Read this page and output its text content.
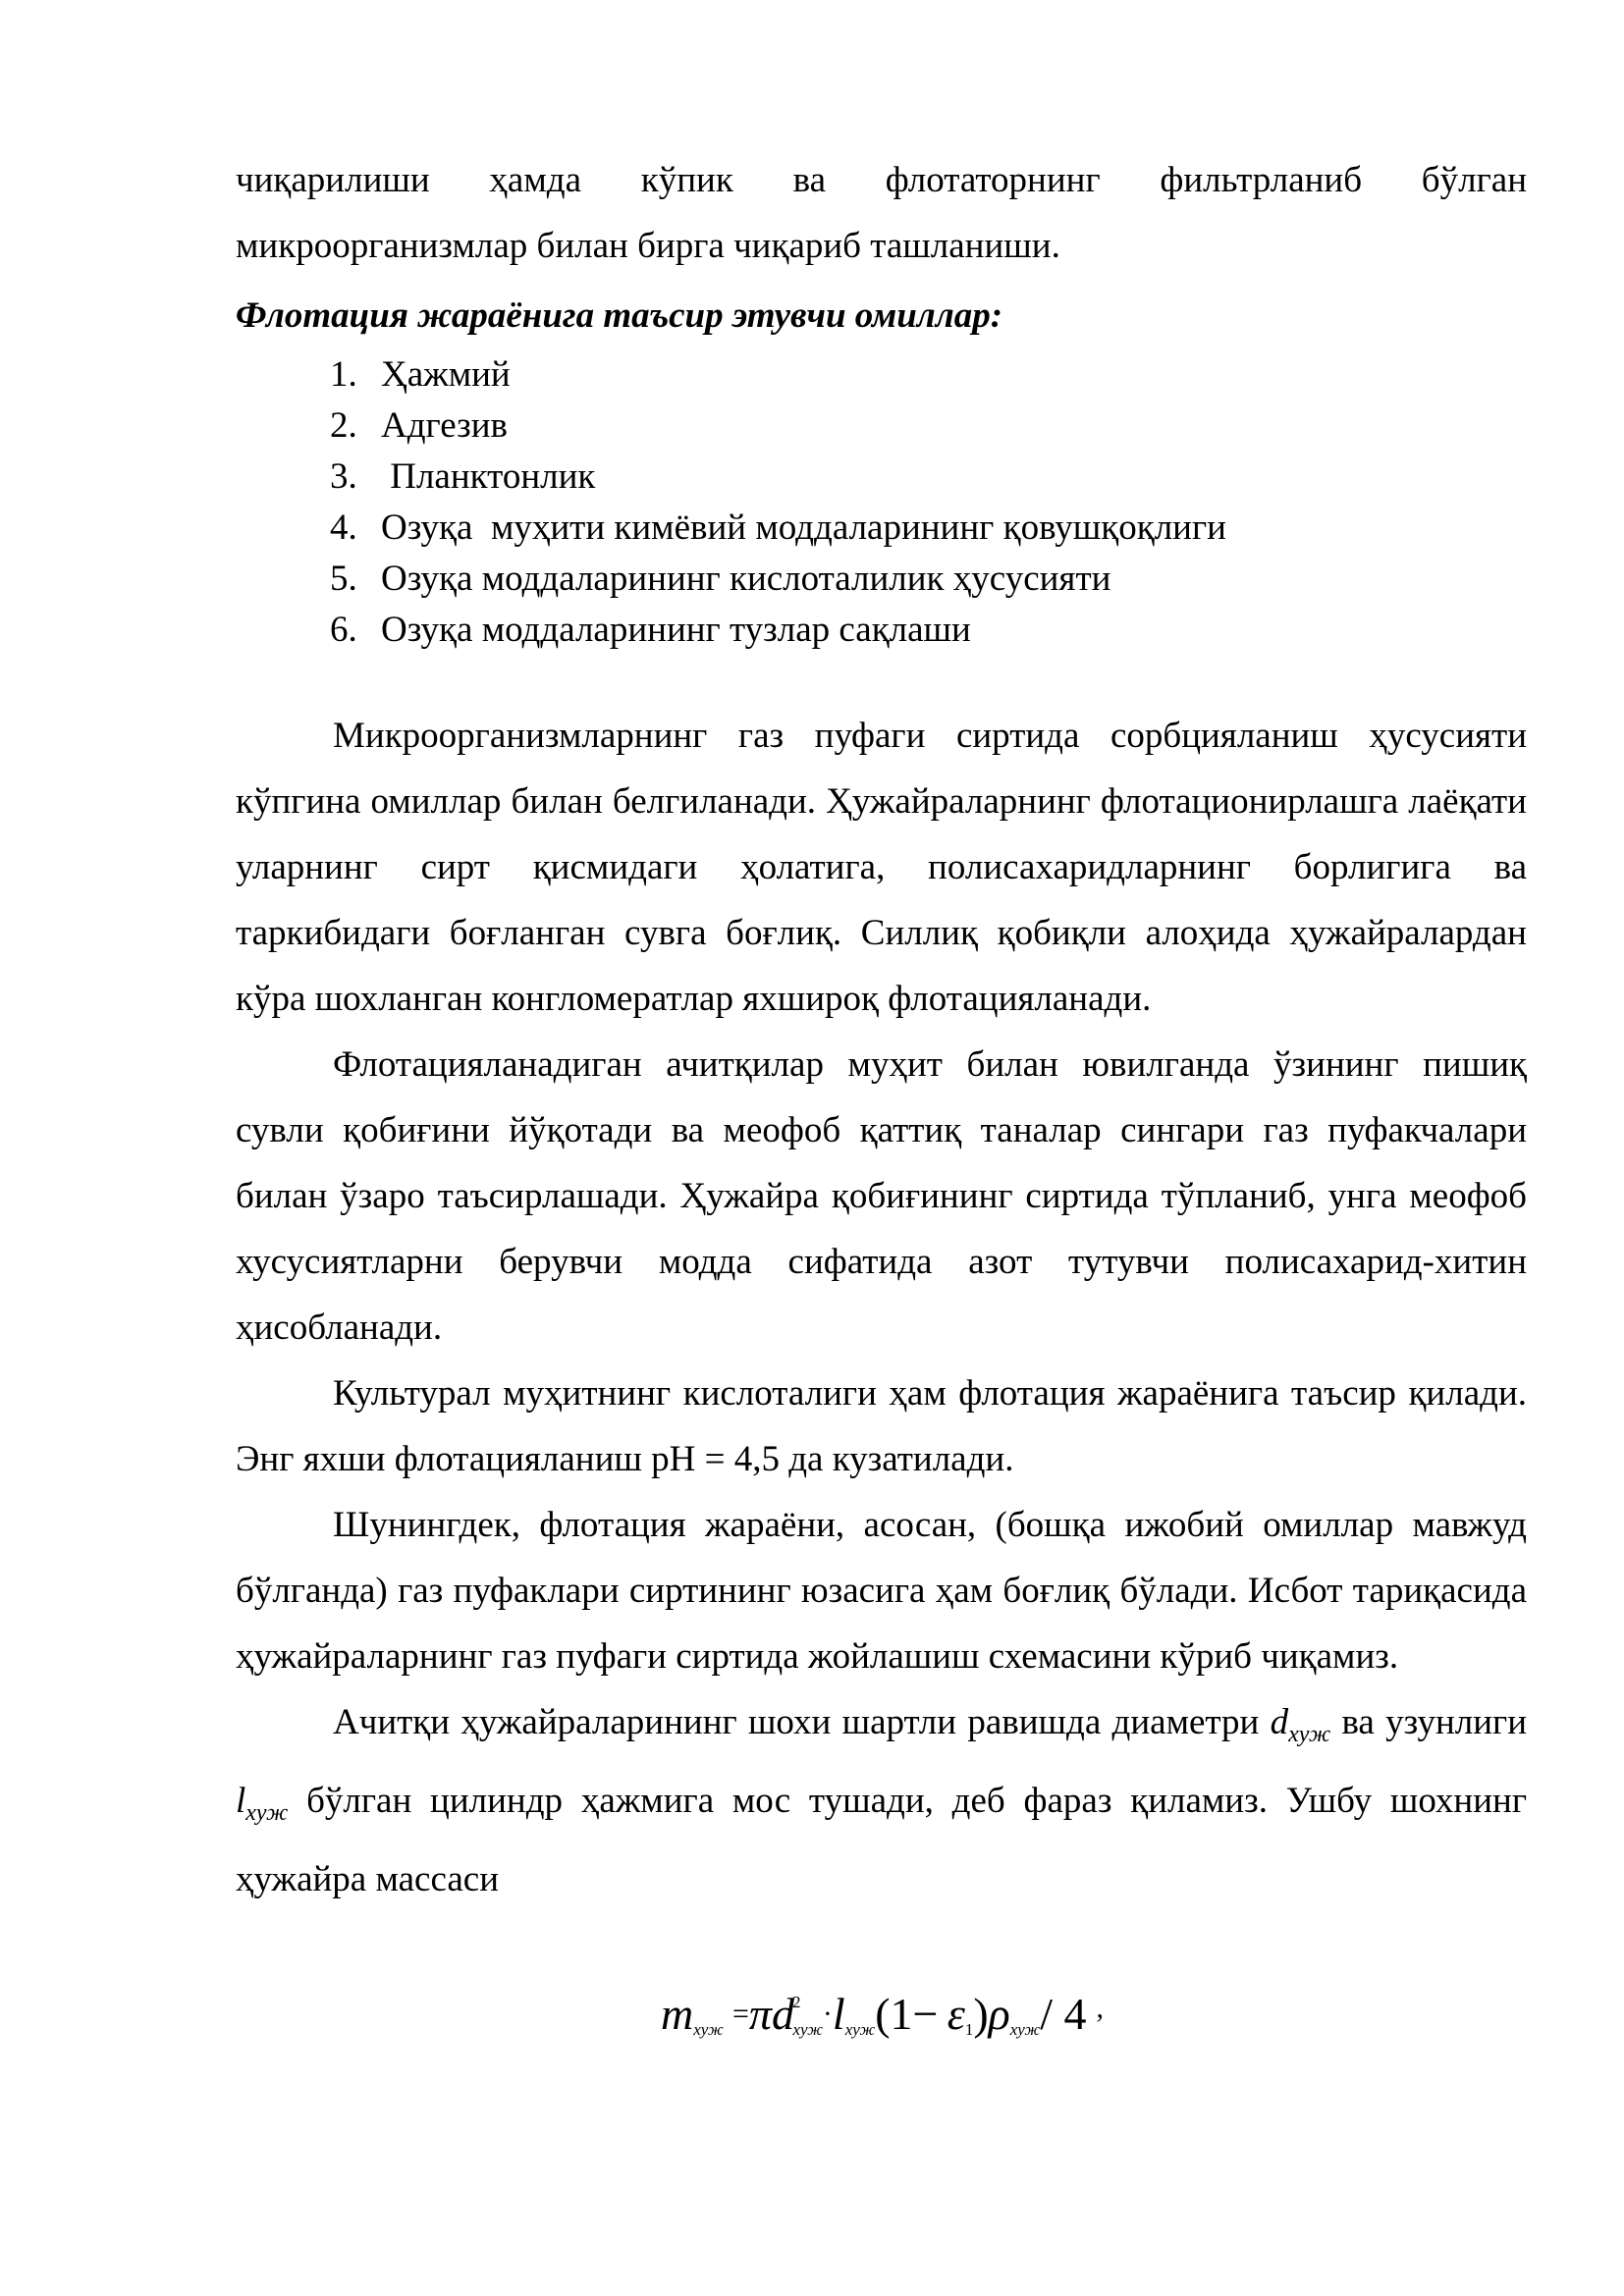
чиқарилиши ҳамда кўпик ва флотаторнинг фильтрланиб бўлган

микроорганизмлар билан бирга чиқариб ташланиши.

Флотация жараёнига таъсир этувчи омиллар:
1. Ҳажмий
2. Адгезив
3. Планктонлик
4. Озуқа  муҳити кимёвий моддаларининг қовушқоқлиги
5. Озуқа моддаларининг кислоталилик ҳусусияти
6. Озуқа моддаларининг тузлар сақлаши

Микроорганизмларнинг газ пуфаги сиртида сорбцияланиш ҳусусияти кўпгина омиллар билан белгиланади. Ҳужайраларнинг флотационирлашга лаёқати уларнинг сирт қисмидаги ҳолатига, полисахаридларнинг борлигига ва таркибидаги боғланган сувга боғлиқ. Силлиқ қобиқли алоҳида ҳужайралардан кўра шохланган конгломератлар яхшироқ флотацияланади.

Флотацияланадиган ачитқилар муҳит билан ювилганда ўзининг пишиқ сувли қобиғини йўқотади ва меофоб қаттиқ таналар сингари газ пуфакчалари билан ўзаро таъсирлашади. Ҳужайра қобиғининг сиртида тўпланиб, унга меофоб хусусиятларни берувчи модда сифатида азот тутувчи полисахарид-хитин ҳисобланади.

Культурал муҳитнинг кислоталиги ҳам флотация жараёнига таъсир қилади. Энг яхши флотацияланиш pH = 4,5 да кузатилади.

Шунингдек, флотация жараёни, асосан, (бошқа ижобий омиллар мавжуд бўлганда) газ пуфаклари сиртининг юзасига ҳам боғлиқ бўлади. Исбот тариқасида ҳужайраларнинг газ пуфаги сиртида жойлашиш схемасини кўриб чиқамиз.

Ачитқи ҳужайраларининг шохи шартли равишда диаметри $d_{хуж}$ ва узунлиги $l_{хуж}$ бўлган цилиндр ҳажмига мос тушади, деб фараз қиламиз. Ушбу шохнинг ҳужайра массаси

$m_{хуж} =\pi d^2_{хуж}\cdot l_{хуж}(1- \varepsilon_1)\rho_{хуж}/$ 4 ,
